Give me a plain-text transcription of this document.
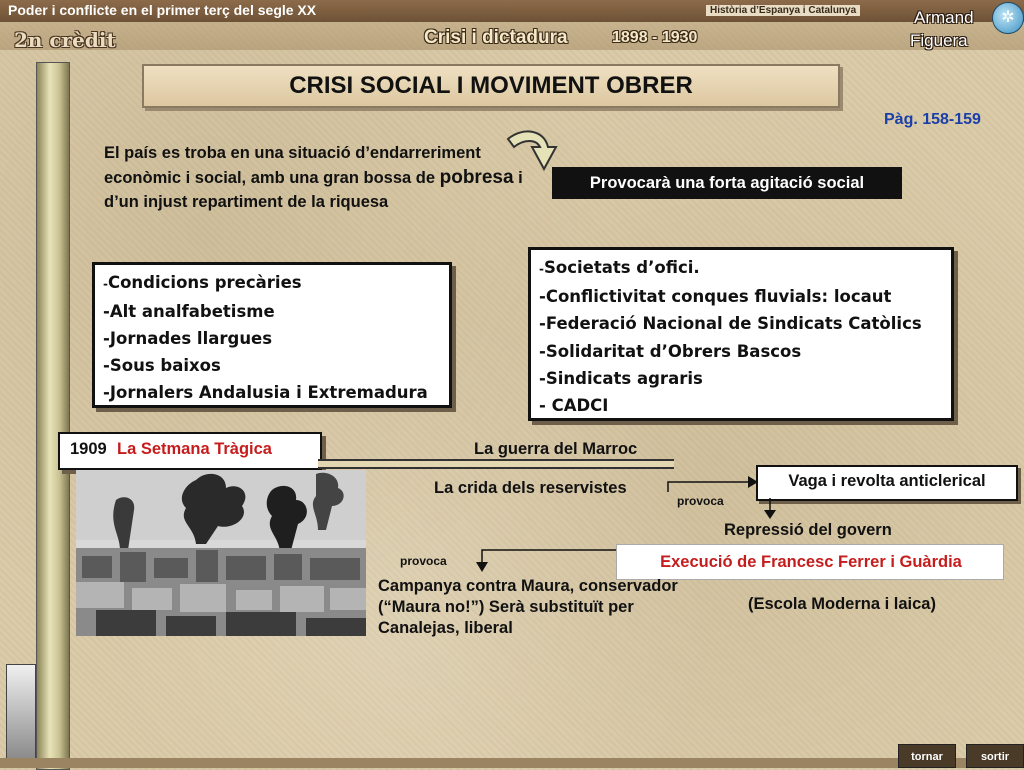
Poder i conflicte en el primer terç del segle XX	Història d’Espanya i Catalunya
2n crèdit	Crisi i dictadura	1898 - 1930
Armand
Figuera
✲
CRISI SOCIAL I MOVIMENT OBRER
Pàg. 158-159
El país es troba en una situació d’endarreriment econòmic i social, amb una gran bossa de pobresa i d’un injust repartiment de la riquesa
Provocarà una forta agitació social
-Condicions precàries
-Alt analfabetisme
-Jornades llargues
-Sous baixos
-Jornalers Andalusia i Extremadura
-Societats d’ofici.
-Conflictivitat conques fluvials: locaut
-Federació Nacional de Sindicats Catòlics
-Solidaritat d’Obrers Bascos
-Sindicats agraris
- CADCI
1909 La Setmana Tràgica	La guerra del Marroc
La crida dels reservistes
provoca
Vaga i revolta anticlerical
Repressió del govern
provoca	Execució de Francesc Ferrer i Guàrdia
(Escola Moderna i laica)
Campanya contra Maura, conservador (“Maura no!”) Serà substituït per Canalejas, liberal
tornar	sortir
